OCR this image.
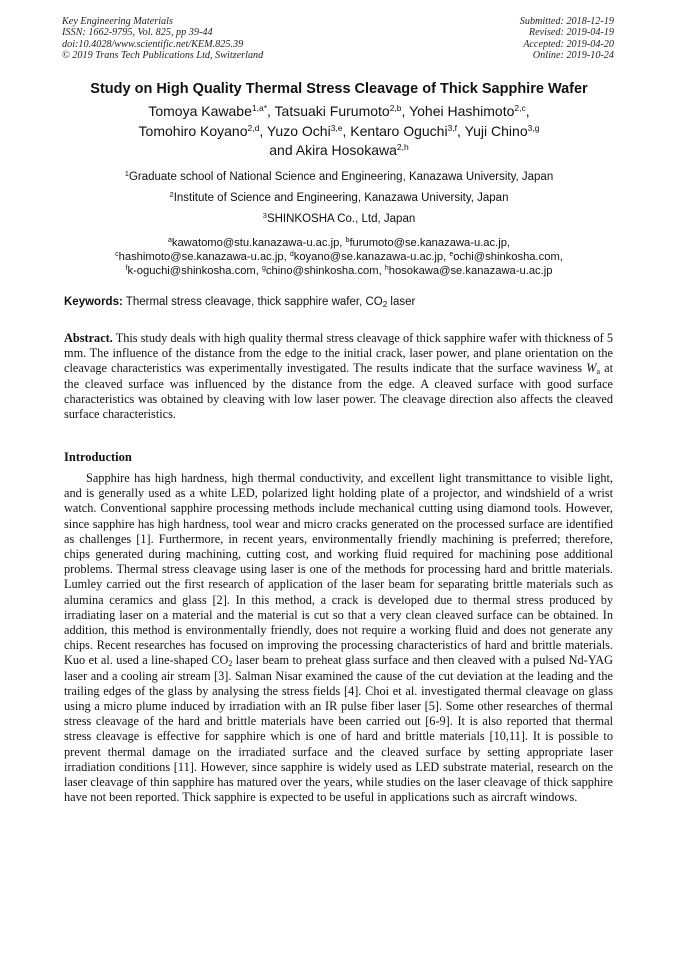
Key Engineering Materials
ISSN: 1662-9795, Vol. 825, pp 39-44
doi:10.4028/www.scientific.net/KEM.825.39
© 2019 Trans Tech Publications Ltd, Switzerland
Submitted: 2018-12-19
Revised: 2019-04-19
Accepted: 2019-04-20
Online: 2019-10-24
Study on High Quality Thermal Stress Cleavage of Thick Sapphire Wafer
Tomoya Kawabe$^{1,a*}$, Tatsuaki Furumoto$^{2,b}$, Yohei Hashimoto$^{2,c}$,
Tomohiro Koyano$^{2,d}$, Yuzo Ochi$^{3,e}$, Kentaro Oguchi$^{3,f}$, Yuji Chino$^{3,g}$
and Akira Hosokawa$^{2,h}$
$^1$Graduate school of National Science and Engineering, Kanazawa University, Japan
$^2$Institute of Science and Engineering, Kanazawa University, Japan
$^3$SHINKOSHA Co., Ltd, Japan
$^a$kawatomo@stu.kanazawa-u.ac.jp, $^b$furumoto@se.kanazawa-u.ac.jp,
$^c$hashimoto@se.kanazawa-u.ac.jp, $^d$koyano@se.kanazawa-u.ac.jp, $^e$ochi@shinkosha.com,
$^f$k-oguchi@shinkosha.com, $^g$chino@shinkosha.com, $^h$hosokawa@se.kanazawa-u.ac.jp
Keywords: Thermal stress cleavage, thick sapphire wafer, $CO_2$ laser
Abstract. This study deals with high quality thermal stress cleavage of thick sapphire wafer with thickness of 5 mm. The influence of the distance from the edge to the initial crack, laser power, and plane orientation on the cleavage characteristics was experimentally investigated. The results indicate that the surface waviness $W_a$ at the cleaved surface was influenced by the distance from the edge. A cleaved surface with good surface characteristics was obtained by cleaving with low laser power. The cleavage direction also affects the cleaved surface characteristics.
Introduction
Sapphire has high hardness, high thermal conductivity, and excellent light transmittance to visible light, and is generally used as a white LED, polarized light holding plate of a projector, and windshield of a wrist watch. Conventional sapphire processing methods include mechanical cutting using diamond tools. However, since sapphire has high hardness, tool wear and micro cracks generated on the processed surface are identified as challenges [1]. Furthermore, in recent years, environmentally friendly machining is preferred; therefore, chips generated during machining, cutting cost, and working fluid required for machining pose additional problems. Thermal stress cleavage using laser is one of the methods for processing hard and brittle materials. Lumley carried out the first research of application of the laser beam for separating brittle materials such as alumina ceramics and glass [2]. In this method, a crack is developed due to thermal stress produced by irradiating laser on a material and the material is cut so that a very clean cleaved surface can be obtained. In addition, this method is environmentally friendly, does not require a working fluid and does not generate any chips. Recent researches has focused on improving the processing characteristics of hard and brittle materials. Kuo et al. used a line-shaped $CO_2$ laser beam to preheat glass surface and then cleaved with a pulsed Nd-YAG laser and a cooling air stream [3]. Salman Nisar examined the cause of the cut deviation at the leading and the trailing edges of the glass by analysing the stress fields [4]. Choi et al. investigated thermal cleavage on glass using a micro plume induced by irradiation with an IR pulse fiber laser [5]. Some other researches of thermal stress cleavage of the hard and brittle materials have been carried out [6-9]. It is also reported that thermal stress cleavage is effective for sapphire which is one of hard and brittle materials [10,11]. It is possible to prevent thermal damage on the irradiated surface and the cleaved surface by setting appropriate laser irradiation conditions [11]. However, since sapphire is widely used as LED substrate material, research on the laser cleavage of thin sapphire has matured over the years, while studies on the laser cleavage of thick sapphire have not been reported. Thick sapphire is expected to be useful in applications such as aircraft windows.
